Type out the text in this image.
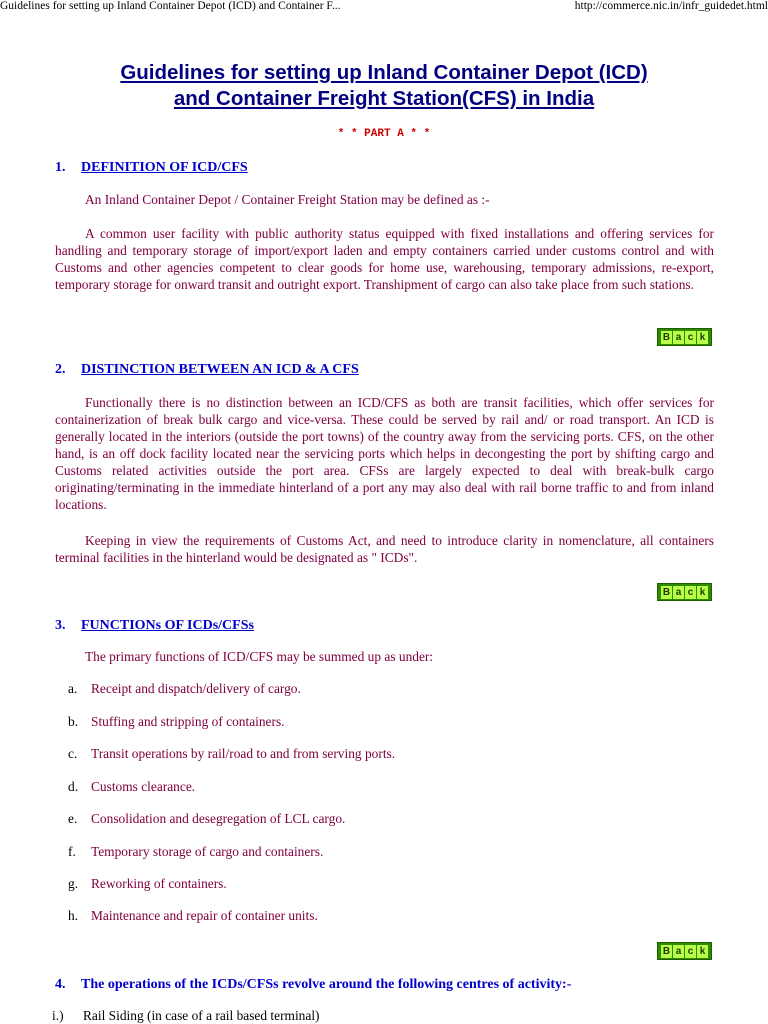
Guidelines for setting up Inland Container Depot (ICD) and Container F...	http://commerce.nic.in/infr_guidedet.html
Guidelines for setting up Inland Container Depot (ICD)
and Container Freight Station(CFS) in India
* * PART A * *
1. DEFINITION OF ICD/CFS
An Inland Container Depot / Container Freight Station may be defined as :-
A common user facility with public authority status equipped with fixed installations and offering services for handling and temporary storage of import/export laden and empty containers carried under customs control and with Customs and other agencies competent to clear goods for home use, warehousing, temporary admissions, re-export, temporary storage for onward transit and outright export. Transhipment of cargo can also take place from such stations.
B a c k
2. DISTINCTION BETWEEN AN ICD & A CFS
Functionally there is no distinction between an ICD/CFS as both are transit facilities, which offer services for containerization of break bulk cargo and vice-versa. These could be served by rail and/ or road transport. An ICD is generally located in the interiors (outside the port towns) of the country away from the servicing ports. CFS, on the other hand, is an off dock facility located near the servicing ports which helps in decongesting the port by shifting cargo and Customs related activities outside the port area. CFSs are largely expected to deal with break-bulk cargo originating/terminating in the immediate hinterland of a port any may also deal with rail borne traffic to and from inland locations.
Keeping in view the requirements of Customs Act, and need to introduce clarity in nomenclature, all containers terminal facilities in the hinterland would be designated as " ICDs".
B a c k
3. FUNCTIONs OF ICDs/CFSs
The primary functions of ICD/CFS may be summed up as under:
a. Receipt and dispatch/delivery of cargo.
b. Stuffing and stripping of containers.
c. Transit operations by rail/road to and from serving ports.
d. Customs clearance.
e. Consolidation and desegregation of LCL cargo.
f. Temporary storage of cargo and containers.
g. Reworking of containers.
h. Maintenance and repair of container units.
B a c k
4. The operations of the ICDs/CFSs revolve around the following centres of activity:-
i.) Rail Siding (in case of a rail based terminal)
